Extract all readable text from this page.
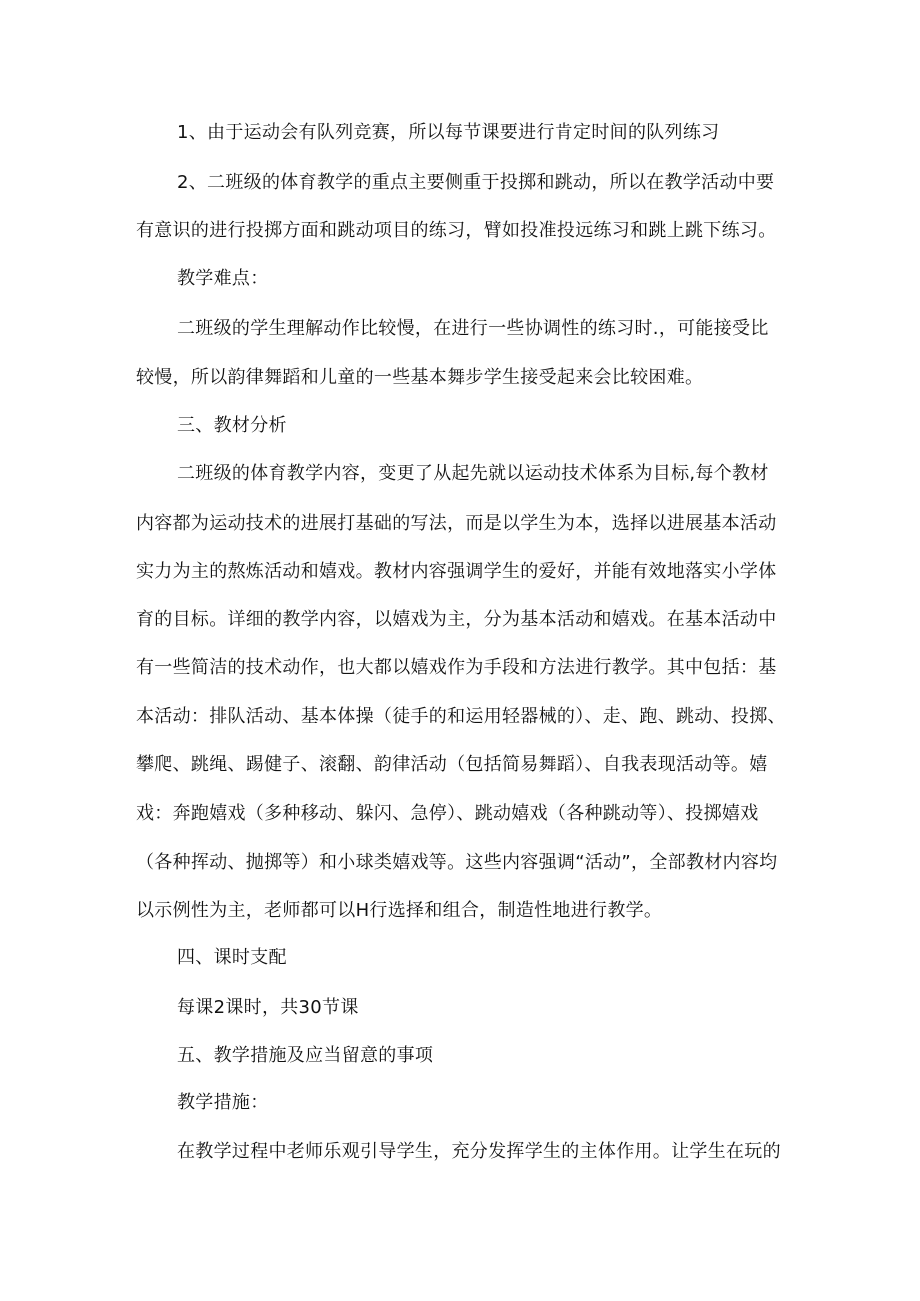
1、由于运动会有队列竞赛，所以每节课要进行肯定时间的队列练习
2、二班级的体育教学的重点主要侧重于投掷和跳动，所以在教学活动中要
有意识的进行投掷方面和跳动项目的练习，臂如投准投远练习和跳上跳下练习。
教学难点：
二班级的学生理解动作比较慢，在进行一些协调性的练习时.，可能接受比
较慢，所以韵律舞蹈和儿童的一些基本舞步学生接受起来会比较困难。
三、教材分析
二班级的体育教学内容，变更了从起先就以运动技术体系为目标,每个教材
内容都为运动技术的进展打基础的写法，而是以学生为本，选择以进展基本活动
实力为主的熬炼活动和嬉戏。教材内容强调学生的爱好，并能有效地落实小学体
育的目标。详细的教学内容，以嬉戏为主，分为基本活动和嬉戏。在基本活动中
有一些简洁的技术动作，也大都以嬉戏作为手段和方法进行教学。其中包括：基
本活动：排队活动、基本体操（徒手的和运用轻器械的）、走、跑、跳动、投掷、
攀爬、跳绳、踢健子、滚翻、韵律活动（包括简易舞蹈）、自我表现活动等。嬉
戏：奔跑嬉戏（多种移动、躲闪、急停）、跳动嬉戏（各种跳动等）、投掷嬉戏
（各种挥动、抛掷等）和小球类嬉戏等。这些内容强调“活动”，全部教材内容均
以示例性为主，老师都可以H行选择和组合，制造性地进行教学。
四、课时支配
每课2课时，共30节课
五、教学措施及应当留意的事项
教学措施：
在教学过程中老师乐观引导学生，充分发挥学生的主体作用。让学生在玩的
